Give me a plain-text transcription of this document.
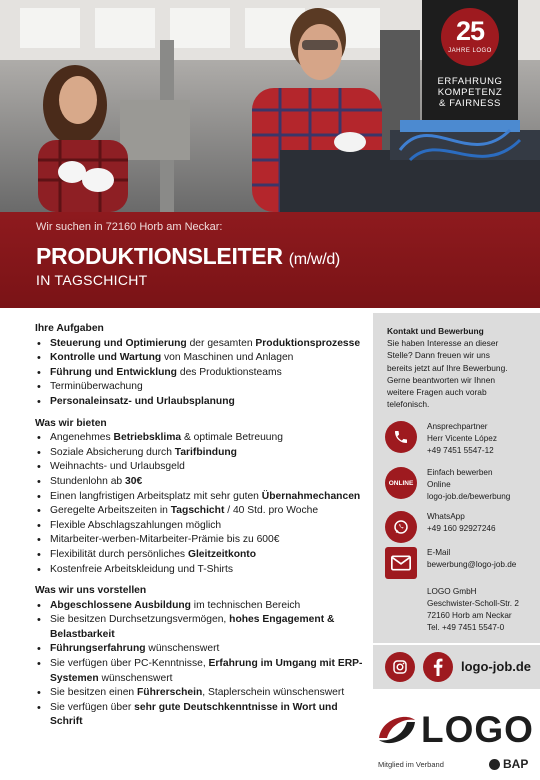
25
JAHRE LOGO
ERFAHRUNG
KOMPETENZ
& FAIRNESS
Wir suchen in 72160 Horb am Neckar:
PRODUKTIONSLEITER (m/w/d)
IN TAGSCHICHT
Ihre Aufgaben
• Steuerung und Optimierung der gesamten Produktionsprozesse
• Kontrolle und Wartung von Maschinen und Anlagen
• Führung und Entwicklung des Produktionsteams
• Terminüberwachung
• Personaleinsatz- und Urlaubsplanung
Was wir bieten
• Angenehmes Betriebsklima & optimale Betreuung
• Soziale Absicherung durch Tarifbindung
• Weihnachts- und Urlaubsgeld
• Stundenlohn ab 30€
• Einen langfristigen Arbeitsplatz mit sehr guten Übernahmechancen
• Geregelte Arbeitszeiten in Tagschicht / 40 Std. pro Woche
• Flexible Abschlagszahlungen möglich
• Mitarbeiter-werben-Mitarbeiter-Prämie bis zu 600€
• Flexibilität durch persönliches Gleitzeitkonto
• Kostenfreie Arbeitskleidung und T-Shirts
Was wir uns vorstellen
• Abgeschlossene Ausbildung im technischen Bereich
• Sie besitzen Durchsetzungsvermögen, hohes Engagement & Belastbarkeit
• Führungserfahrung wünschenswert
• Sie verfügen über PC-Kenntnisse, Erfahrung im Umgang mit ERP-Systemen wünschenswert
• Sie besitzen einen Führerschein, Staplerschein wünschenswert
• Sie verfügen über sehr gute Deutschkenntnisse in Wort und Schrift
Kontakt und Bewerbung
Sie haben Interesse an dieser
Stelle? Dann freuen wir uns
bereits jetzt auf Ihre Bewerbung.
Gerne beantworten wir Ihnen
weitere Fragen auch vorab
telefonisch.
Ansprechpartner
Herr Vicente López
+49 7451 5547-12
ONLINE
Einfach bewerben
Online
logo-job.de/bewerbung
WhatsApp
+49 160 92927246
E-Mail
bewerbung@logo-job.de
LOGO GmbH
Geschwister-Scholl-Str. 2
72160 Horb am Neckar
Tel. +49 7451 5547-0
logo-job.de
LOGO
Mitglied im Verband	BAP
